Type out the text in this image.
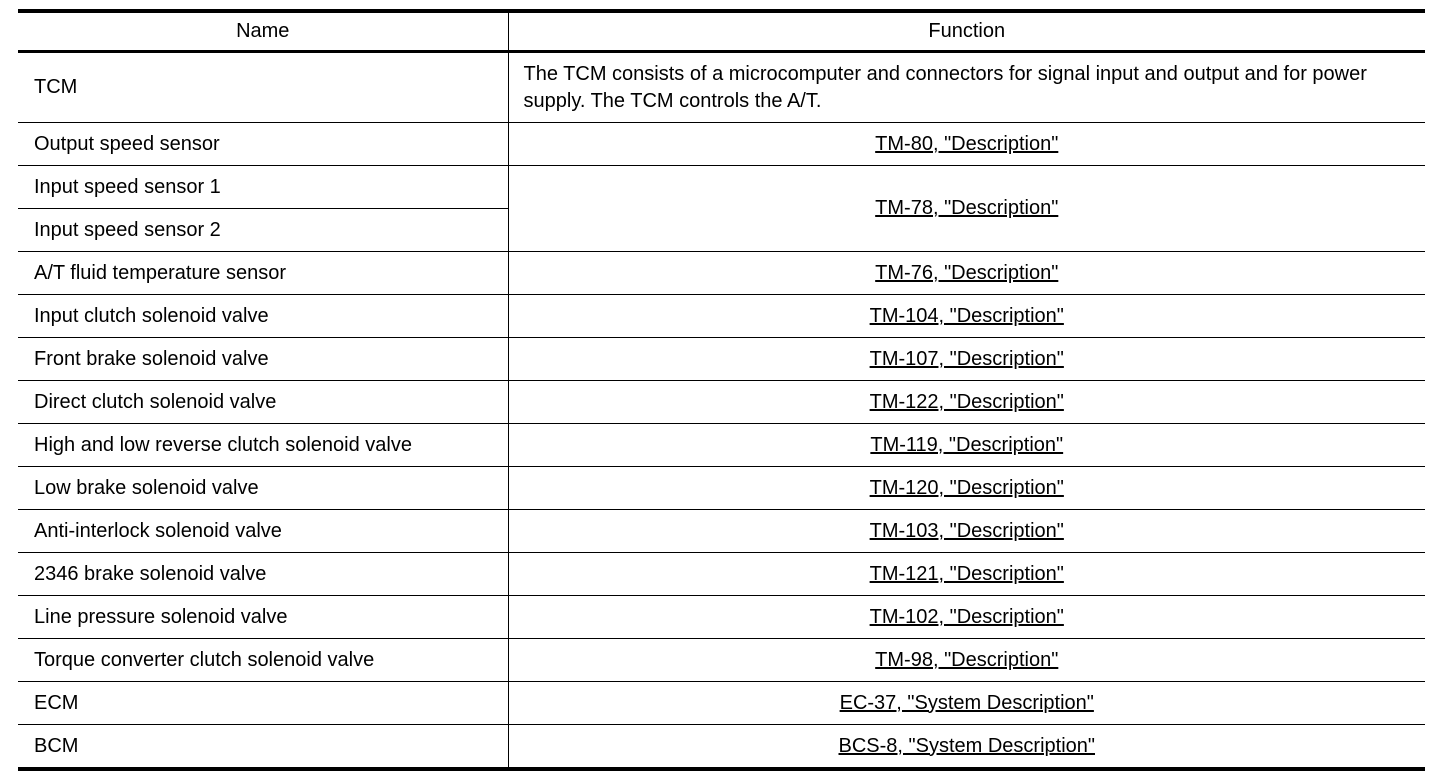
Name	Function
TCM	The TCM consists of a microcomputer and connectors for signal input and output and for power supply. The TCM controls the A/T.
Output speed sensor	TM-80, "Description"
Input speed sensor 1	TM-78, "Description"
Input speed sensor 2	
A/T fluid temperature sensor	TM-76, "Description"
Input clutch solenoid valve	TM-104, "Description"
Front brake solenoid valve	TM-107, "Description"
Direct clutch solenoid valve	TM-122, "Description"
High and low reverse clutch solenoid valve	TM-119, "Description"
Low brake solenoid valve	TM-120, "Description"
Anti-interlock solenoid valve	TM-103, "Description"
2346 brake solenoid valve	TM-121, "Description"
Line pressure solenoid valve	TM-102, "Description"
Torque converter clutch solenoid valve	TM-98, "Description"
ECM	EC-37, "System Description"
BCM	BCS-8, "System Description"
